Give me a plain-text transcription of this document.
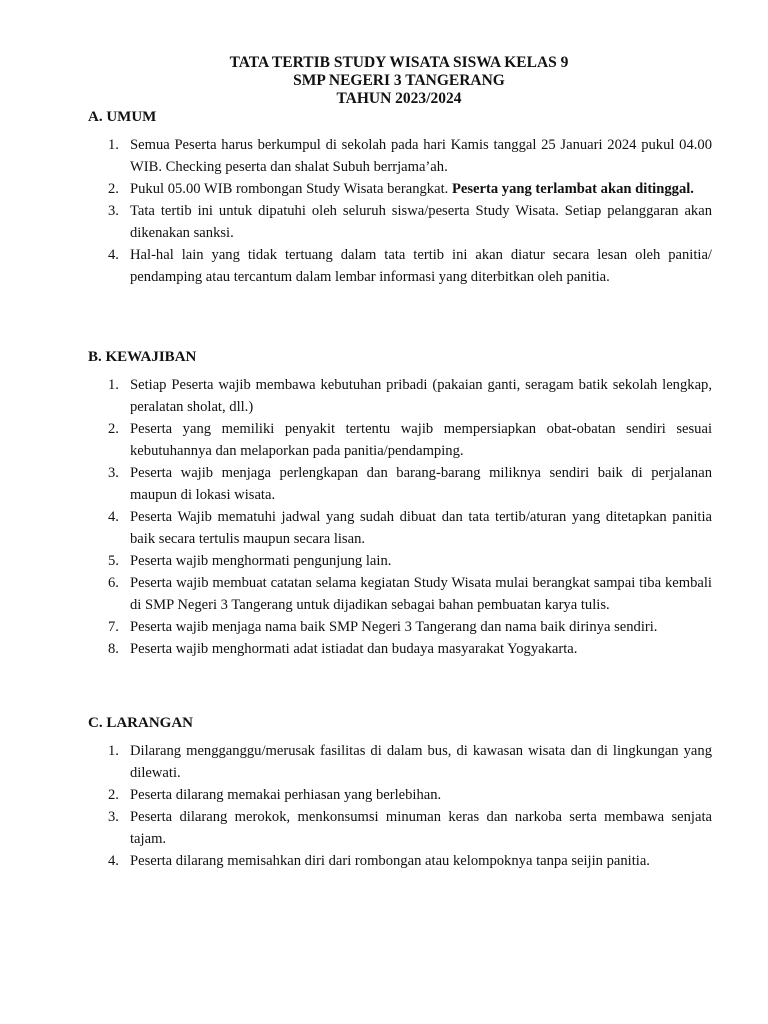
TATA TERTIB STUDY WISATA SISWA KELAS 9
SMP NEGERI 3 TANGERANG
TAHUN 2023/2024
A. UMUM
1. Semua Peserta harus berkumpul di sekolah pada hari Kamis tanggal 25 Januari 2024 pukul 04.00 WIB. Checking peserta dan shalat Subuh berrjama’ah.
2. Pukul 05.00 WIB rombongan Study Wisata berangkat. Peserta yang terlambat akan ditinggal.
3. Tata tertib ini untuk dipatuhi oleh seluruh siswa/peserta Study Wisata. Setiap pelanggaran akan dikenakan sanksi.
4. Hal-hal lain yang tidak tertuang dalam tata tertib ini akan diatur secara lesan oleh panitia/ pendamping atau tercantum dalam lembar informasi yang diterbitkan oleh panitia.
B. KEWAJIBAN
1. Setiap Peserta wajib membawa kebutuhan pribadi (pakaian ganti, seragam batik sekolah lengkap, peralatan sholat, dll.)
2. Peserta yang memiliki penyakit tertentu wajib mempersiapkan obat-obatan sendiri sesuai kebutuhannya dan melaporkan pada panitia/pendamping.
3. Peserta wajib menjaga perlengkapan dan barang-barang miliknya sendiri baik di perjalanan maupun di lokasi wisata.
4. Peserta Wajib mematuhi jadwal yang sudah dibuat dan tata tertib/aturan yang ditetapkan panitia baik secara tertulis maupun secara lisan.
5. Peserta wajib menghormati pengunjung lain.
6. Peserta wajib membuat catatan selama kegiatan Study Wisata mulai berangkat sampai tiba kembali di SMP Negeri 3 Tangerang untuk dijadikan sebagai bahan pembuatan karya tulis.
7. Peserta wajib menjaga nama baik SMP Negeri 3 Tangerang dan nama baik dirinya sendiri.
8. Peserta wajib menghormati adat istiadat dan budaya masyarakat Yogyakarta.
C. LARANGAN
1. Dilarang mengganggu/merusak fasilitas di dalam bus, di kawasan wisata dan di lingkungan yang dilewati.
2. Peserta dilarang memakai perhiasan yang berlebihan.
3. Peserta dilarang merokok, menkonsumsi minuman keras dan narkoba serta membawa senjata tajam.
4. Peserta dilarang memisahkan diri dari rombongan atau kelompoknya tanpa seijin panitia.
